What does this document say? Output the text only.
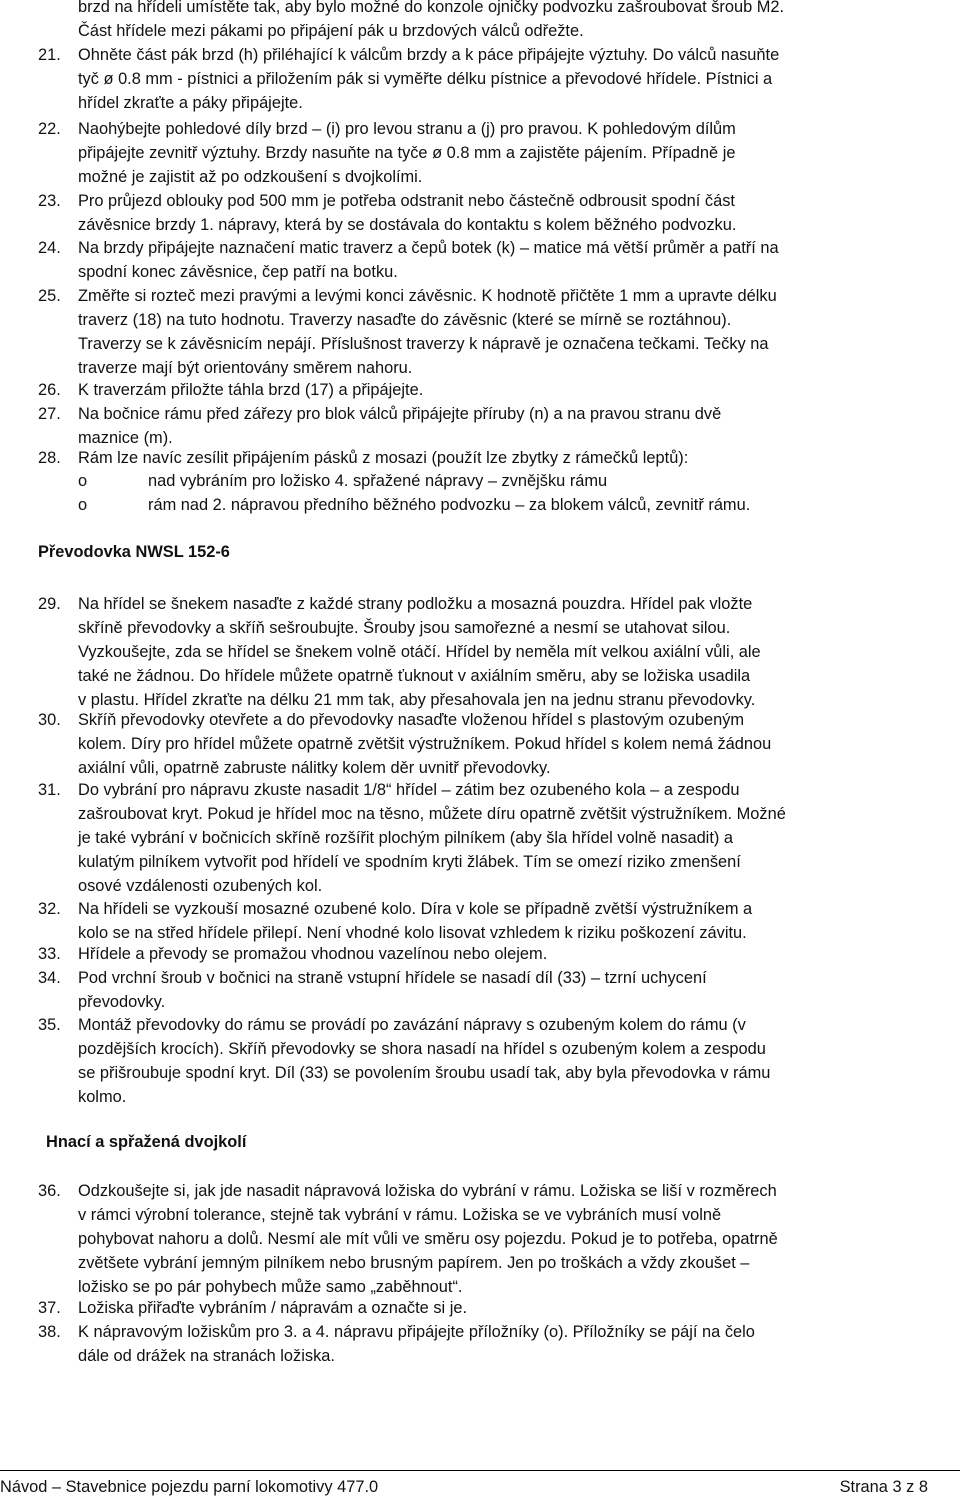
brzd na hřídeli umístěte tak, aby bylo možné do konzole ojničky podvozku zašroubovat šroub M2.
Část hřídele mezi pákami po připájení pák u brzdových válců odřežte.
21.	Ohněte část pák brzd (h) přiléhající k válcům brzdy a k páce připájejte výztuhy. Do válců nasuňte
tyč ø 0.8 mm - pístnici a přiložením pák si vyměřte délku pístnice a převodové hřídele. Pístnici a
hřídel zkraťte a páky připájejte.
22.	Naohýbejte pohledové díly brzd – (i) pro levou stranu a (j) pro pravou. K pohledovým dílům
připájejte zevnitř výztuhy. Brzdy nasuňte na tyče ø 0.8 mm a zajistěte pájením. Případně je
možné je zajistit až po odzkoušení s dvojkolími.
23.	Pro průjezd oblouky pod 500 mm je potřeba odstranit nebo částečně odbrousit spodní část
závěsnice brzdy 1. nápravy, která by se dostávala do kontaktu s kolem běžného podvozku.
24.	Na brzdy připájejte naznačení matic traverz a čepů botek (k) – matice má větší průměr a patří na
spodní konec závěsnice, čep patří na botku.
25.	Změřte si rozteč mezi pravými a levými konci závěsnic. K hodnotě přičtěte 1 mm a upravte délku
traverz (18) na tuto hodnotu. Traverzy nasaďte do závěsnic (které se mírně se roztáhnou).
Traverzy se k závěsnicím nepájí. Příslušnost traverzy k nápravě je označena tečkami. Tečky na
traverze mají být orientovány směrem nahoru.
26.	K traverzám přiložte táhla brzd (17) a připájejte.
27.	Na bočnice rámu před zářezy pro blok válců připájejte příruby (n) a na pravou stranu dvě
maznice (m).
28.	Rám lze navíc zesílit připájením pásků z mosazi (použít lze zbytky z rámečků leptů):
o	nad vybráním pro ložisko 4. spřažené nápravy – zvnějšku rámu
o	rám nad 2. nápravou předního běžného podvozku – za blokem válců, zevnitř rámu.
Převodovka NWSL 152-6
29.	Na hřídel se šnekem nasaďte z každé strany podložku a mosazná pouzdra. Hřídel pak vložte
skříně převodovky a skříň sešroubujte. Šrouby jsou samořezné a nesmí se utahovat silou.
Vyzkoušejte, zda se hřídel se šnekem volně otáčí. Hřídel by neměla mít velkou axiální vůli, ale
také ne žádnou. Do hřídele můžete opatrně ťuknout v axiálním směru, aby se ložiska usadila
v plastu. Hřídel zkraťte na délku 21 mm tak, aby přesahovala jen na jednu stranu převodovky.
30.	Skříň převodovky otevřete a do převodovky nasaďte vloženou hřídel s plastovým ozubeným
kolem. Díry pro hřídel můžete opatrně zvětšit výstružníkem. Pokud hřídel s kolem nemá žádnou
axiální vůli, opatrně zabruste nálitky kolem děr uvnitř převodovky.
31.	Do vybrání pro nápravu zkuste nasadit 1/8“ hřídel – zátim bez ozubeného kola – a zespodu
zašroubovat kryt. Pokud je hřídel moc na těsno, můžete díru opatrně zvětšit výstružníkem. Možné
je také vybrání v bočnicích skříně rozšířit plochým pilníkem (aby šla hřídel volně nasadit) a
kulatým pilníkem vytvořit pod hřídelí ve spodním kryti žlábek. Tím se omezí riziko zmenšení
osové vzdálenosti ozubených kol.
32.	Na hřídeli se vyzkouší mosazné ozubené kolo. Díra v kole se případně zvětší výstružníkem a
kolo se na střed hřídele přilepí. Není vhodné kolo lisovat vzhledem k riziku poškození závitu.
33.	Hřídele a převody se promažou vhodnou vazelínou nebo olejem.
34.	Pod vrchní šroub v bočnici na straně vstupní hřídele se nasadí díl (33) – tzrní uchycení
převodovky.
35.	Montáž převodovky do rámu se provádí po zavázání nápravy s ozubeným kolem do rámu (v
pozdějších krocích). Skříň převodovky se shora nasadí na hřídel s ozubeným kolem a zespodu
se přišroubuje spodní kryt. Díl (33) se povolením šroubu usadí tak, aby byla převodovka v rámu
kolmo.
Hnací a spřažená dvojkolí
36.	Odzkoušejte si, jak jde nasadit nápravová ložiska do vybrání v rámu. Ložiska se liší v rozměrech
v rámci výrobní tolerance, stejně tak vybrání v rámu. Ložiska se ve vybráních musí volně
pohybovat nahoru a dolů. Nesmí ale mít vůli ve směru osy pojezdu. Pokud je to potřeba, opatrně
zvětšete vybrání jemným pilníkem nebo brusným papírem. Jen po troškách a vždy zkoušet –
ložisko se po pár pohybech může samo „zaběhnout“.
37.	Ložiska přiřaďte vybráním / nápravám a označte si je.
38.	K nápravovým ložiskům pro 3. a 4. nápravu připájejte příložníky (o). Příložníky se pájí na čelo
dále od drážek na stranách ložiska.
Návod – Stavebnice pojezdu parní lokomotivy 477.0	Strana 3 z 8
